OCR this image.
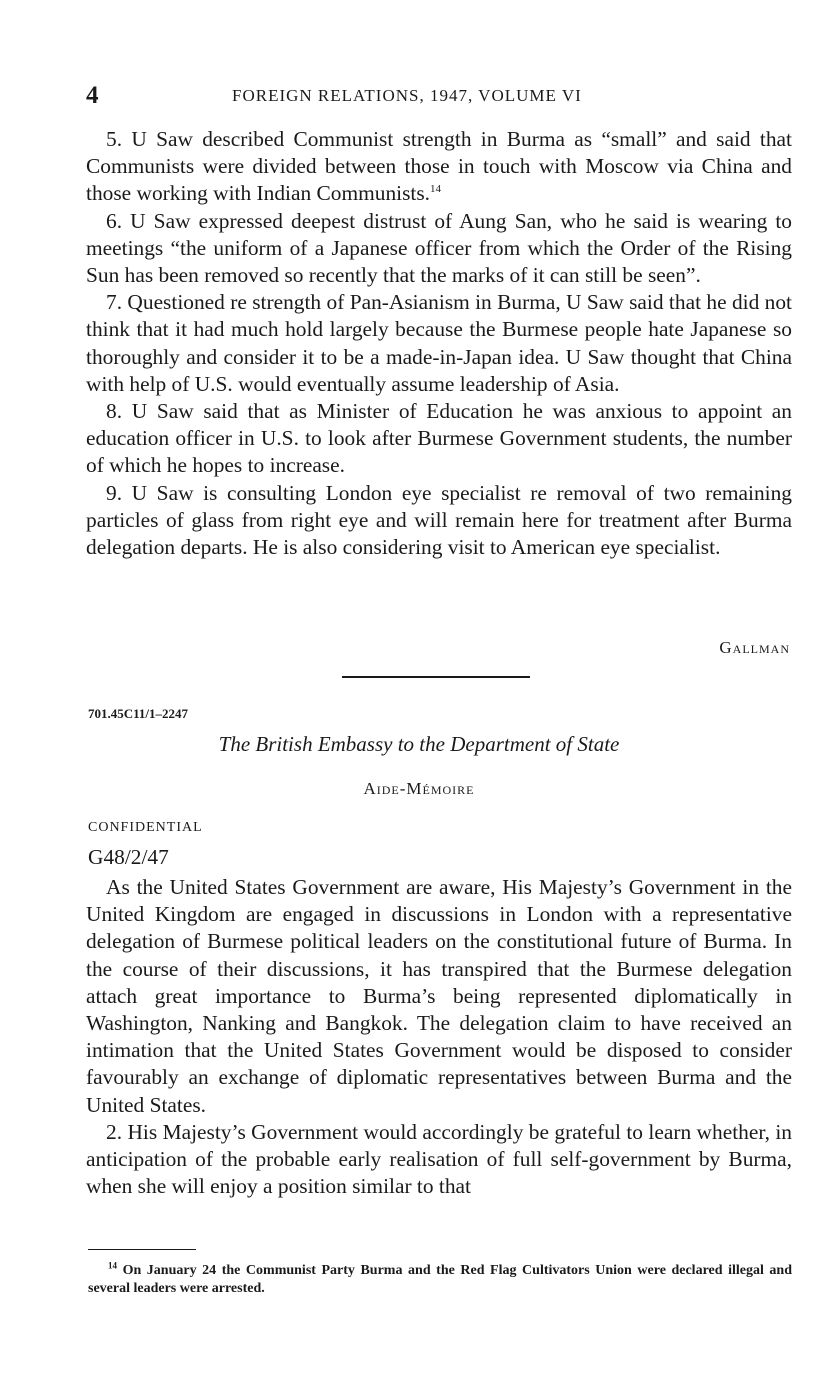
4	FOREIGN RELATIONS, 1947, VOLUME VI

5. U Saw described Communist strength in Burma as “small” and said that Communists were divided between those in touch with Moscow via China and those working with Indian Communists.$^{14}$

6. U Saw expressed deepest distrust of Aung San, who he said is wearing to meetings “the uniform of a Japanese officer from which the Order of the Rising Sun has been removed so recently that the marks of it can still be seen”.

7. Questioned re strength of Pan-Asianism in Burma, U Saw said that he did not think that it had much hold largely because the Burmese people hate Japanese so thoroughly and consider it to be a made-in-Japan idea. U Saw thought that China with help of U.S. would eventually assume leadership of Asia.

8. U Saw said that as Minister of Education he was anxious to appoint an education officer in U.S. to look after Burmese Government students, the number of which he hopes to increase.

9. U Saw is consulting London eye specialist re removal of two remaining particles of glass from right eye and will remain here for treatment after Burma delegation departs. He is also considering visit to American eye specialist.

Gallman
701.45C11/1–2247
The British Embassy to the Department of State
Aide-Mémoire
CONFIDENTIAL
G48/2/47

As the United States Government are aware, His Majesty’s Government in the United Kingdom are engaged in discussions in London with a representative delegation of Burmese political leaders on the constitutional future of Burma. In the course of their discussions, it has transpired that the Burmese delegation attach great importance to Burma’s being represented diplomatically in Washington, Nanking and Bangkok. The delegation claim to have received an intimation that the United States Government would be disposed to consider favourably an exchange of diplomatic representatives between Burma and the United States.

2. His Majesty’s Government would accordingly be grateful to learn whether, in anticipation of the probable early realisation of full self-government by Burma, when she will enjoy a position similar to that

$^{14}$ On January 24 the Communist Party Burma and the Red Flag Cultivators Union were declared illegal and several leaders were arrested.
